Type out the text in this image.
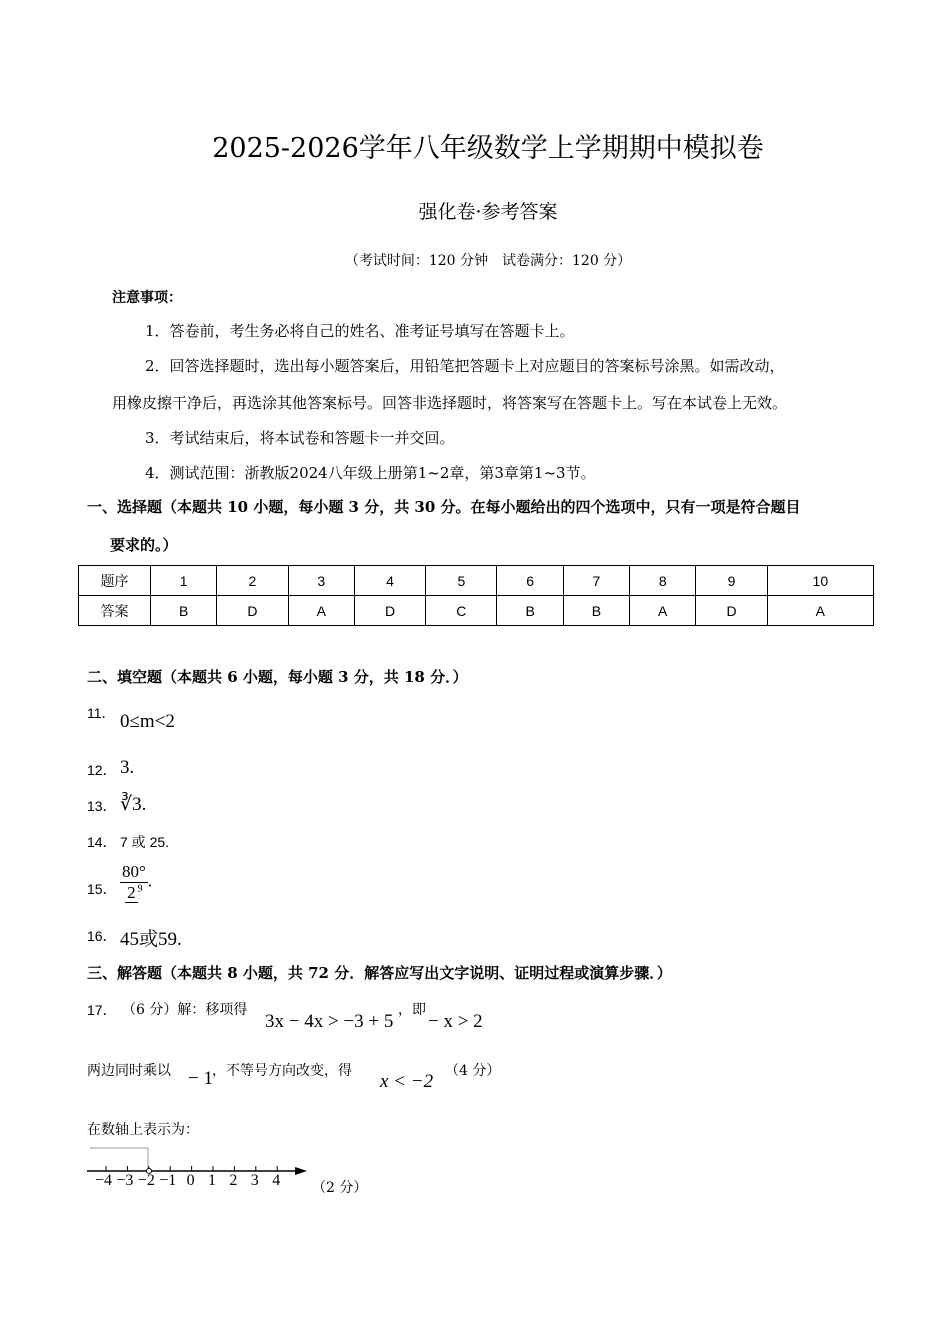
2025-2026学年八年级数学上学期期中模拟卷
强化卷·参考答案
（考试时间：120 分钟　试卷满分：120 分）
注意事项：
1．答卷前，考生务必将自己的姓名、准考证号填写在答题卡上。
2．回答选择题时，选出每小题答案后，用铅笔把答题卡上对应题目的答案标号涂黑。如需改动，
用橡皮擦干净后，再选涂其他答案标号。回答非选择题时，将答案写在答题卡上。写在本试卷上无效。
3．考试结束后，将本试卷和答题卡一并交回。
4．测试范围：浙教版2024八年级上册第1~2章，第3章第1~3节。
一、选择题（本题共 10 小题，每小题 3 分，共 30 分。在每小题给出的四个选项中，只有一项是符合题目
要求的。）
题序	1	2	3	4	5	6	7	8	9	10
答案	B	D	A	D	C	B	B	A	D	A
二、填空题（本题共 6 小题，每小题 3 分，共 18 分．）
11． 0≤m<2
12． 3.
13． ∛3.
14． 7 或 25.
15． $\frac{80^\circ}{2 ^9}$ .
16． 45或59.
三、解答题（本题共 8 小题，共 72 分．解答应写出文字说明、证明过程或演算步骤．）
17． （6 分）解：移项得
3x − 4x > −3 + 5
，即
− x > 2
两边同时乘以 − 1 ，不等号方向改变，得 x < −2 （4 分）
在数轴上表示为：
（2 分）
−4 −3 −2 −1 0 1 2 3 4
